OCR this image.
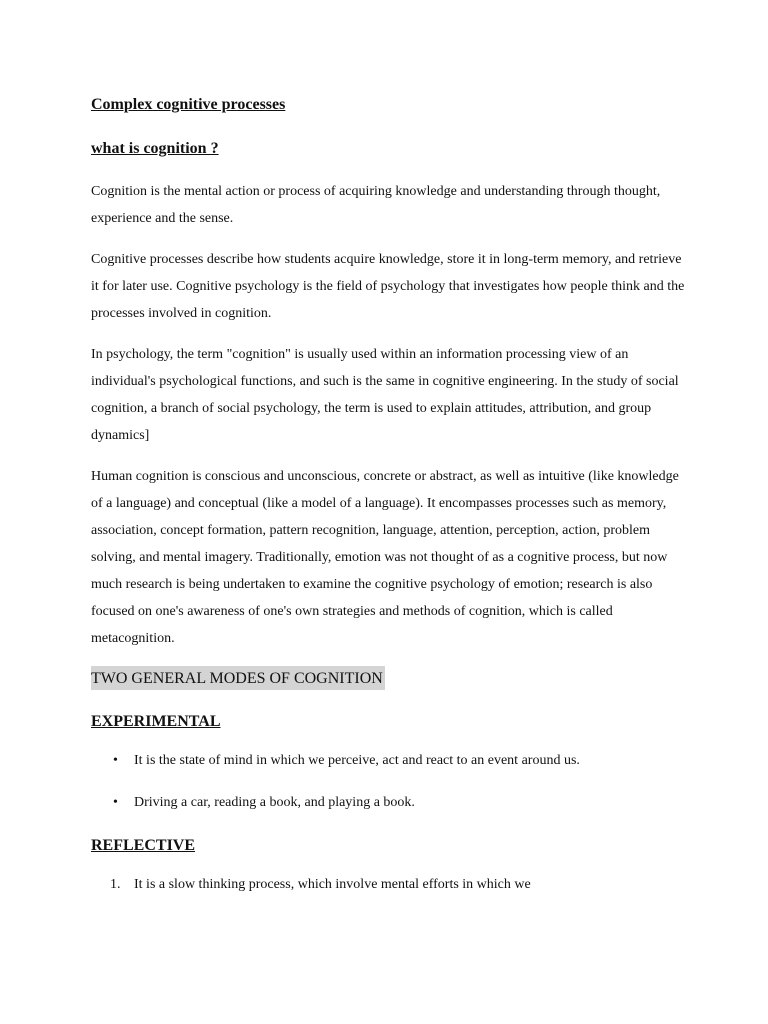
Complex cognitive processes
what is cognition ?

Cognition is the mental action or process of acquiring knowledge and understanding through thought, experience and the sense.

Cognitive processes describe how students acquire knowledge, store it in long-term memory, and retrieve it for later use. Cognitive psychology is the field of psychology that investigates how people think and the processes involved in cognition.

In psychology, the term "cognition" is usually used within an information processing view of an individual's psychological functions, and such is the same in cognitive engineering. In the study of social cognition, a branch of social psychology, the term is used to explain attitudes, attribution, and group dynamics]

Human cognition is conscious and unconscious, concrete or abstract, as well as intuitive (like knowledge of a language) and conceptual (like a model of a language). It encompasses processes such as memory, association, concept formation, pattern recognition, language, attention, perception, action, problem solving, and mental imagery. Traditionally, emotion was not thought of as a cognitive process, but now much research is being undertaken to examine the cognitive psychology of emotion; research is also focused on one's awareness of one's own strategies and methods of cognition, which is called metacognition.

TWO GENERAL MODES OF COGNITION
EXPERIMENTAL
• It is the state of mind in which we perceive, act and react to an event around us.
• Driving a car, reading a book, and playing a book.
REFLECTIVE
1. It is a slow thinking process, which involve mental efforts in which we
